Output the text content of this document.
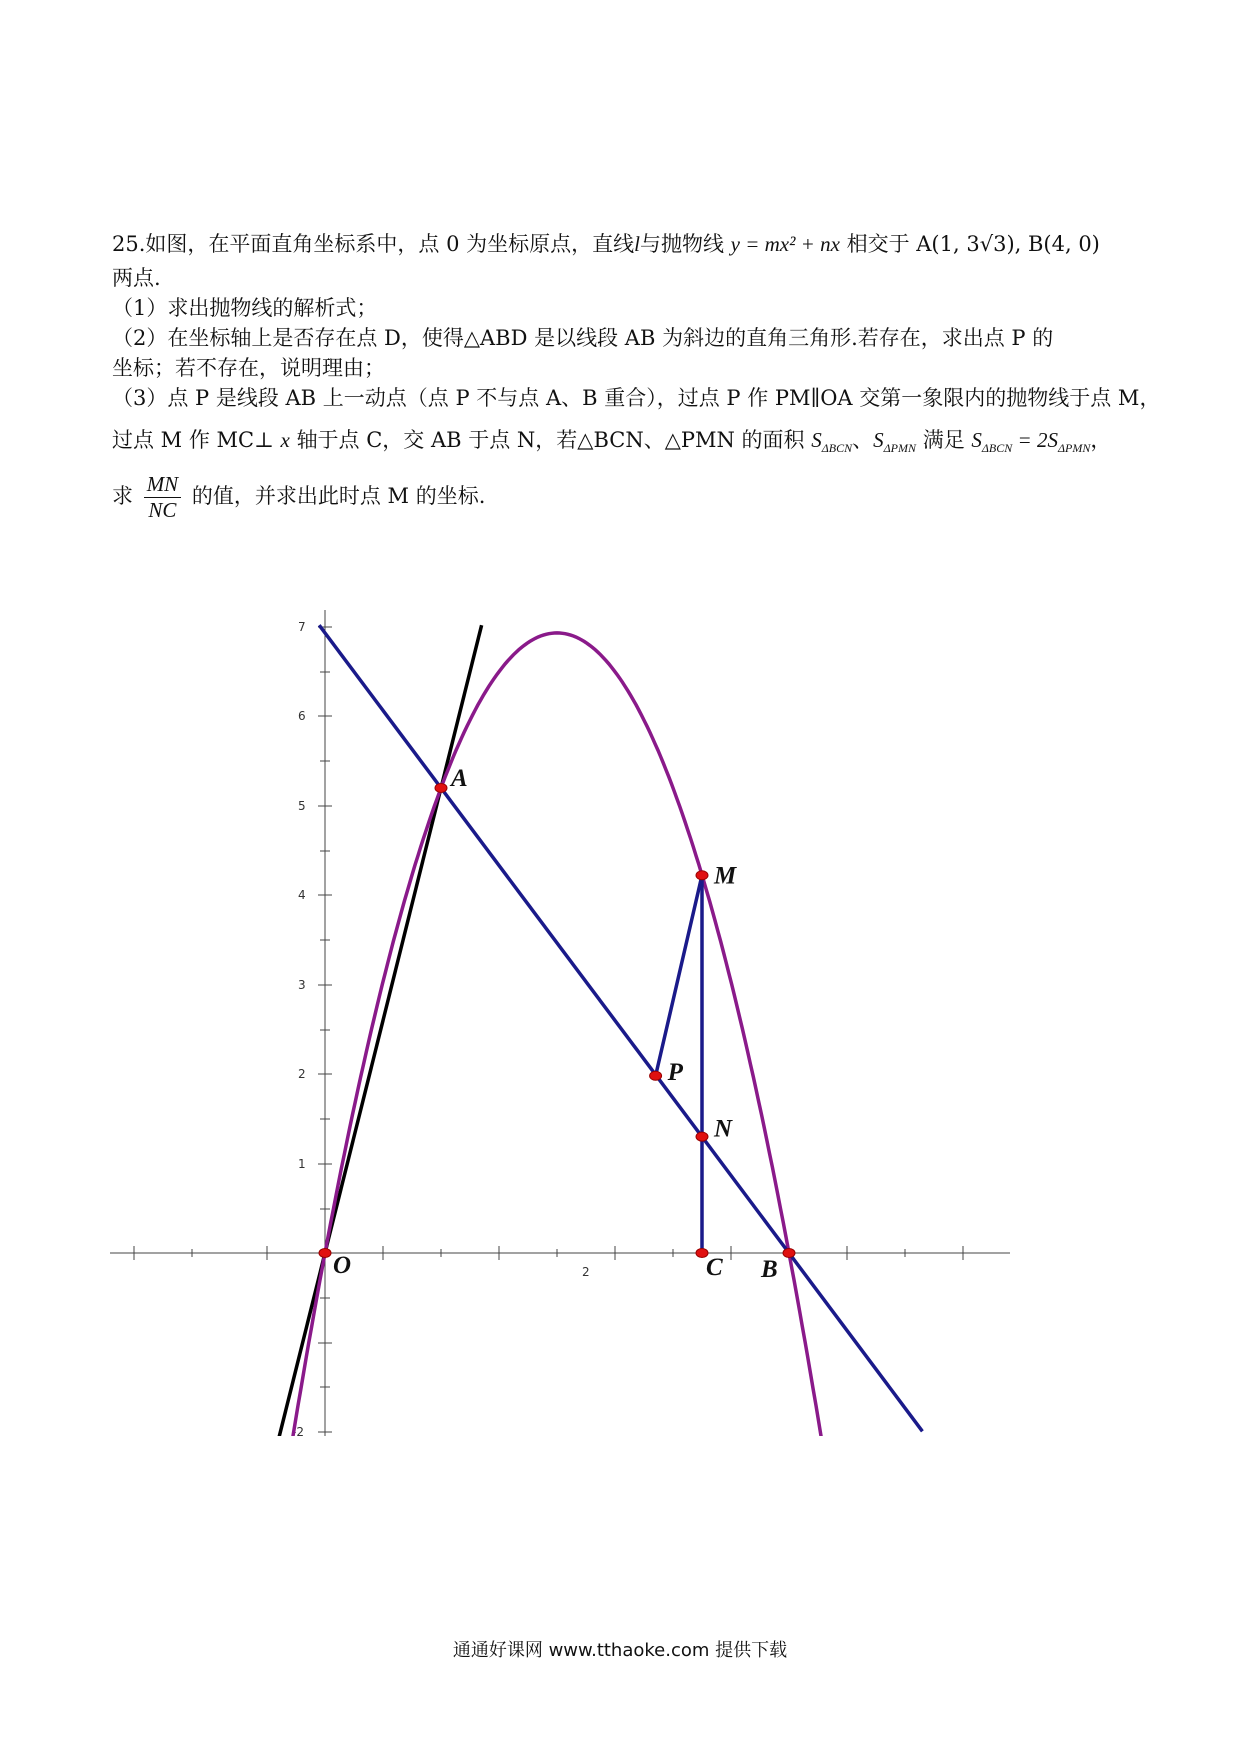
25.如图，在平面直角坐标系中，点 0 为坐标原点，直线l与抛物线 y = mx² + nx 相交于 A(1, 3√3), B(4, 0)
两点.
（1）求出抛物线的解析式；
（2）在坐标轴上是否存在点 D，使得△ABD 是以线段 AB 为斜边的直角三角形.若存在，求出点 P 的
坐标；若不存在，说明理由；
（3）点 P 是线段 AB 上一动点（点 P 不与点 A、B 重合），过点 P 作 PM∥OA 交第一象限内的抛物线于点 M，
过点 M 作 MC⊥ x 轴于点 C，交 AB 于点 N，若△BCN、△PMN 的面积 $S_{\Delta BCN}$、$S_{\Delta PMN}$ 满足 $S_{\Delta BCN} = 2S_{\Delta PMN}$，
求 $\frac{MN}{NC}$ 的值，并求出此时点 M 的坐标.
2
7
6
5
4
3
2
1
-2
O
A
M
P
N
C B
通通好课网 www.tthaoke.com 提供下载
